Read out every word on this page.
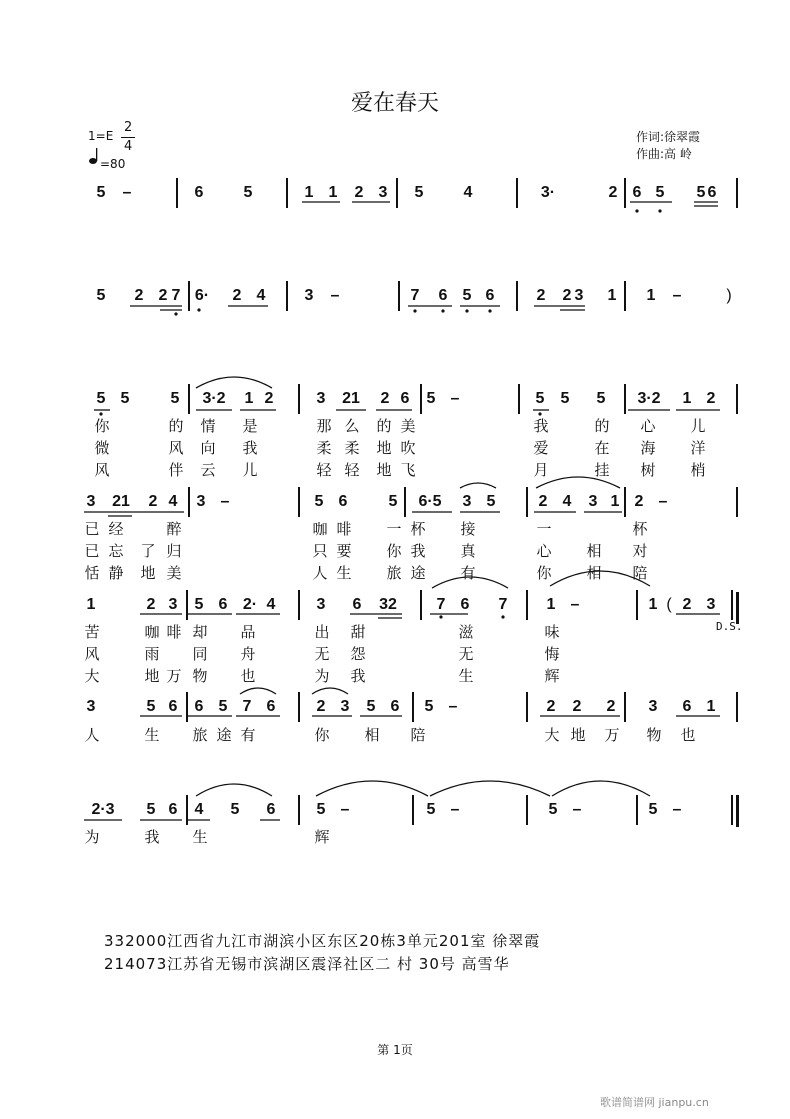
爱在春天
1=E
2
4
=80
作词:徐翠霞
作曲:高 岭
5 –	6	5	1 1 2 3 5	4	3·	2 6 5 5 6
5 2 2 7 6· 2 4 3 –	7 6 5 6	2 2 3 1 1 –	)
5 5	5	3·2	1 2	3 21 2 6 5 –	5 5 5	3·2	1 2
你	的 情 是	那 么 的 美	我	的 心 儿
微	风 向 我	柔 柔 地 吹	爱	在 海 洋
风	伴 云 儿	轻 轻 地 飞	月	挂 树 梢
3 21 2 4 3 –	5 6	5	6·5	3 5	2 4 3 1 2 –
已 经	醉	咖 啡 一 杯 接	一	杯
已 忘 了 归	只 要 你 我 真	心 相 对
恬 静 地 美	人 生 旅 途 有	你 相 陪
1	2 3 5 6 2· 4	3 6	32	7 6 7 1 –	1 ( 2 3
D.S.
苦	咖 啡 却 品	出 甜	滋	味
风	雨 同 舟	无 怨	无	悔
大	地 万 物 也	为 我	生	辉
3	5 6 6 5 7 6	2 3 5 6 5 –	2 2 2 3 6 1
人	生 旅 途 有	你 相 陪	大 地 万 物 也
2·3	5 6 4 5 6	5 –	5 –	5 –	5 –
为	我 生	辉
332000江西省九江市湖滨小区东区20栋3单元201室 徐翠霞
214073江苏省无锡市滨湖区震泽社区二 村 30号 高雪华
第 1页
歌谱简谱网 jianpu.cn
